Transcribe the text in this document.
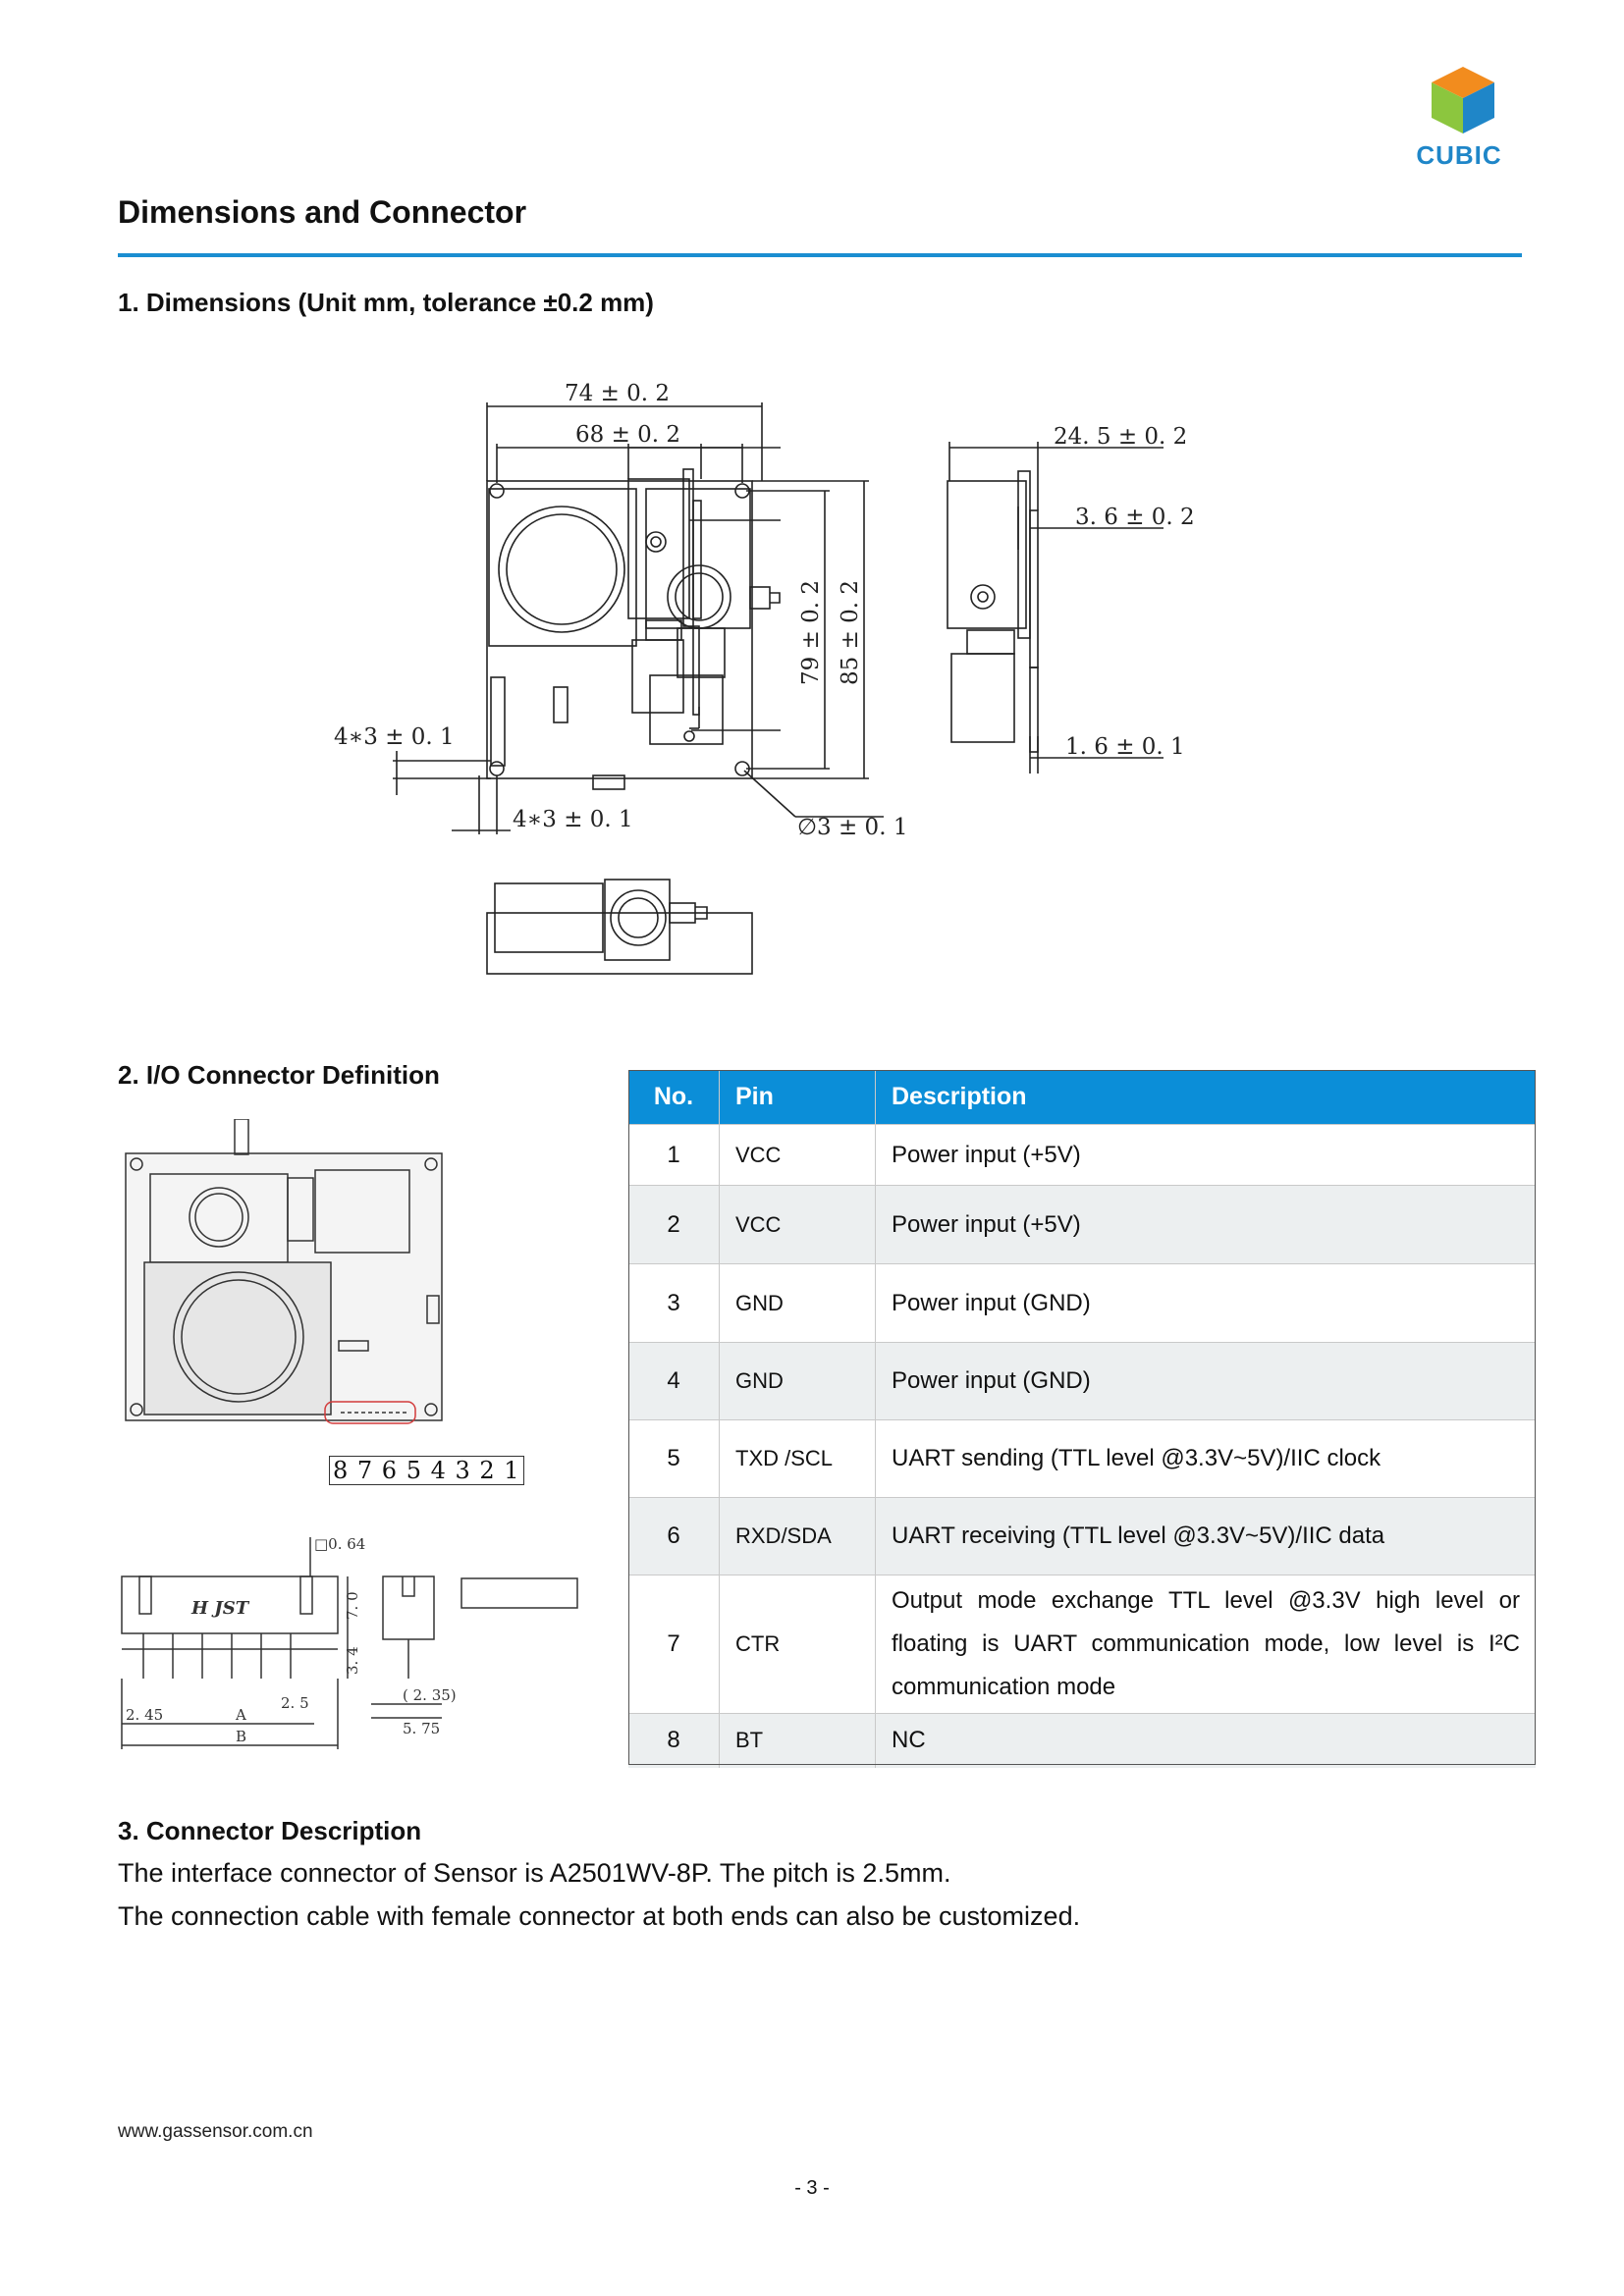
CUBIC
Dimensions and Connector
1. Dimensions (Unit mm, tolerance ±0.2 mm)
74 ± 0. 2
68 ± 0. 2
79 ± 0. 2 85 ± 0. 2
4∗3 ± 0. 1
4∗3 ± 0. 1	∅3 ± 0. 1
24. 5 ± 0. 2
3. 6 ± 0. 2
1. 6 ± 0. 1
2. I/O Connector Definition
8 7 6 5 4 3 2 1
□0. 64
H JST	7. 0
3. 4
2. 45	A
2. 5
B
( 2. 35)
5. 75
No.	Pin	Description
1	VCC	Power input (+5V)
2	VCC	Power input (+5V)
3	GND	Power input (GND)
4	GND	Power input (GND)
5	TXD /SCL	UART sending (TTL level @3.3V~5V)/IIC clock
6	RXD/SDA	UART receiving (TTL level @3.3V~5V)/IIC data
7	CTR	Output mode exchange TTL level @3.3V high level or floating is UART communication mode, low level is I²C communication mode
8	BT	NC
3. Connector Description
The interface connector of Sensor is A2501WV-8P. The pitch is 2.5mm.
The connection cable with female connector at both ends can also be customized.
www.gassensor.com.cn
- 3 -
